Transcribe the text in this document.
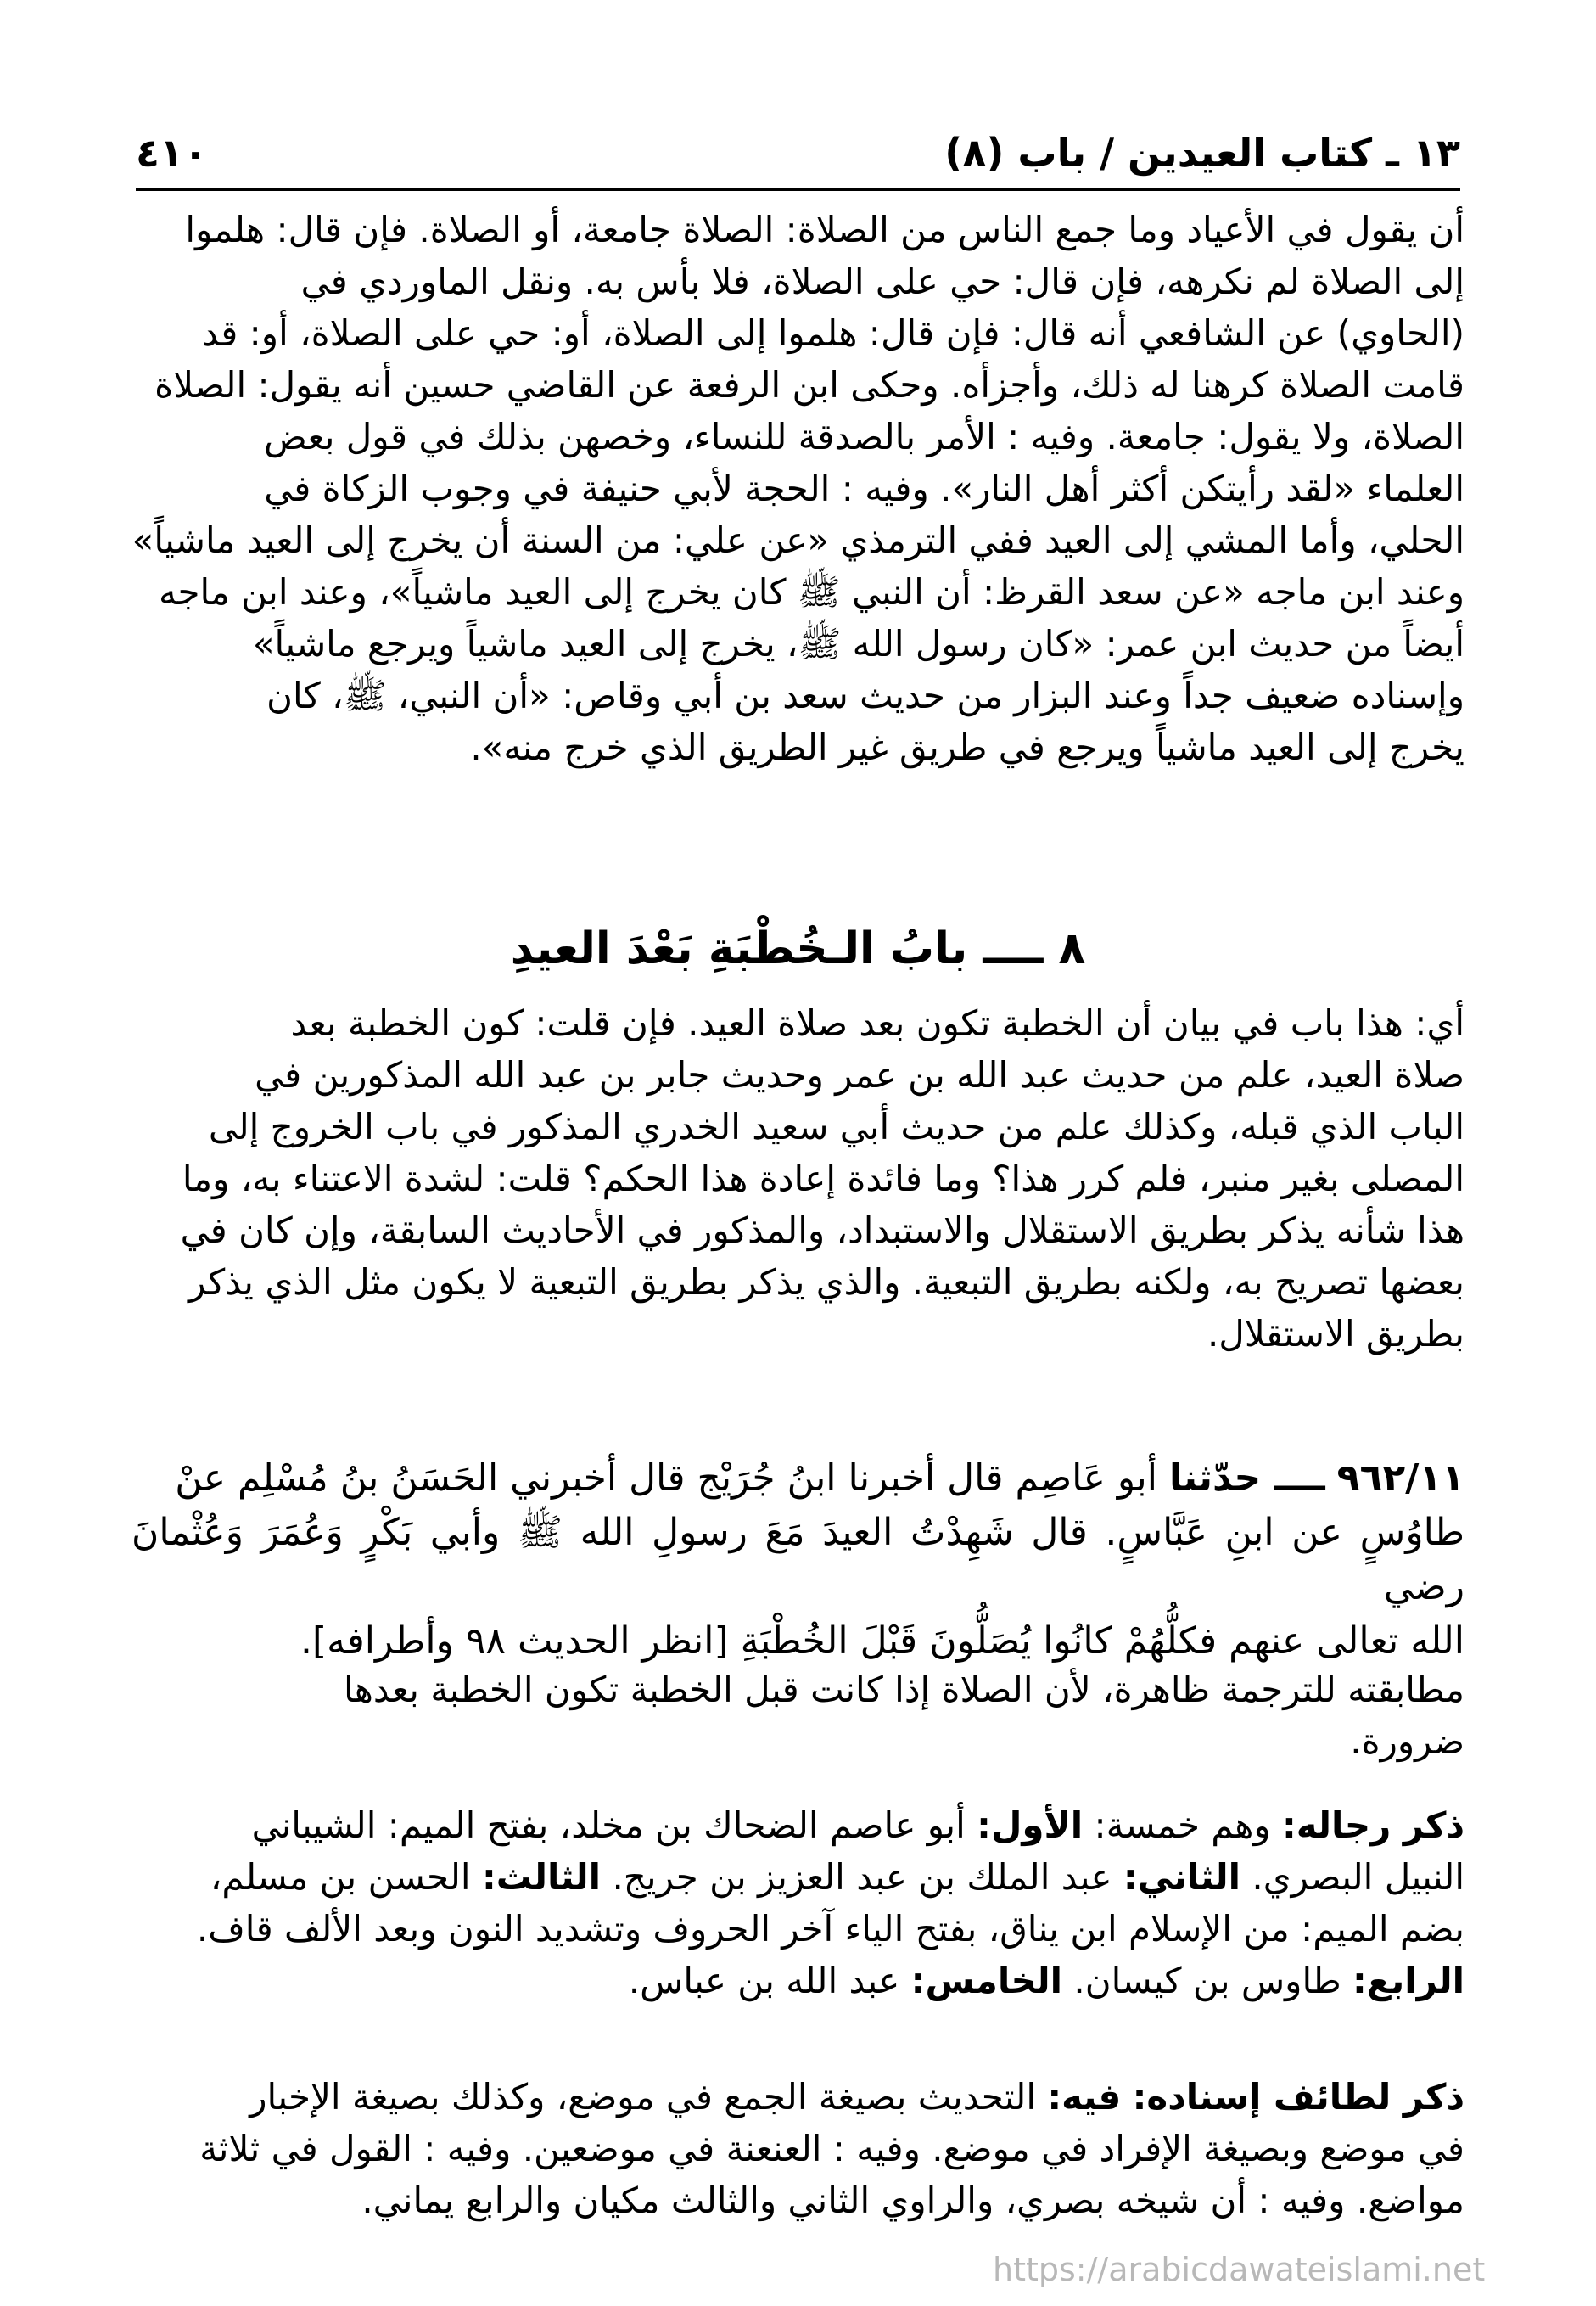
١٣ ـ كتاب العيدين / باب (٨)
٤١٠

أن يقول في الأعياد وما جمع الناس من الصلاة: الصلاة جامعة، أو الصلاة. فإن قال: هلموا

إلى الصلاة لم نكرهه، فإن قال: حي على الصلاة، فلا بأس به. ونقل الماوردي في

(الحاوي) عن الشافعي أنه قال: فإن قال: هلموا إلى الصلاة، أو: حي على الصلاة، أو: قد

قامت الصلاة كرهنا له ذلك، وأجزأه. وحكى ابن الرفعة عن القاضي حسين أنه يقول: الصلاة

الصلاة، ولا يقول: جامعة. وفيه : الأمر بالصدقة للنساء، وخصهن بذلك في قول بعض

العلماء «لقد رأيتكن أكثر أهل النار». وفيه : الحجة لأبي حنيفة في وجوب الزكاة في

الحلي، وأما المشي إلى العيد ففي الترمذي «عن علي: من السنة أن يخرج إلى العيد ماشياً»

وعند ابن ماجه «عن سعد القرظ: أن النبي ﷺ كان يخرج إلى العيد ماشياً»، وعند ابن ماجه

أيضاً من حديث ابن عمر: «كان رسول الله ﷺ، يخرج إلى العيد ماشياً ويرجع ماشياً»

وإسناده ضعيف جداً وعند البزار من حديث سعد بن أبي وقاص: «أن النبي، ﷺ، كان

يخرج إلى العيد ماشياً ويرجع في طريق غير الطريق الذي خرج منه».

٨ ــــ بابُ الـخُطْبَةِ بَعْدَ العيدِ

أي: هذا باب في بيان أن الخطبة تكون بعد صلاة العيد. فإن قلت: كون الخطبة بعد

صلاة العيد، علم من حديث عبد الله بن عمر وحديث جابر بن عبد الله المذكورين في

الباب الذي قبله، وكذلك علم من حديث أبي سعيد الخدري المذكور في باب الخروج إلى

المصلى بغير منبر، فلم كرر هذا؟ وما فائدة إعادة هذا الحكم؟ قلت: لشدة الاعتناء به، وما

هذا شأنه يذكر بطريق الاستقلال والاستبداد، والمذكور في الأحاديث السابقة، وإن كان في

بعضها تصريح به، ولكنه بطريق التبعية. والذي يذكر بطريق التبعية لا يكون مثل الذي يذكر

بطريق الاستقلال.

٩٦٢/١١ ــــ حدّثنا أبو عَاصِم قال أخبرنا ابنُ جُرَيْج قال أخبرني الحَسَنُ بنُ مُسْلِم عنْ

طاوُسٍ عن ابنِ عَبَّاسٍ. قال شَهِدْتُ العيدَ مَعَ رسولِ الله ﷺ وأبي بَكْرٍ وَعُمَرَ وَعُثْمانَ رضي

الله تعالى عنهم فكلُّهُمْ كانُوا يُصَلُّونَ قَبْلَ الخُطْبَةِ [انظر الحديث ٩٨ وأطرافه].

مطابقته للترجمة ظاهرة، لأن الصلاة إذا كانت قبل الخطبة تكون الخطبة بعدها

ضرورة.

ذكر رجاله: وهم خمسة: الأول: أبو عاصم الضحاك بن مخلد، بفتح الميم: الشيباني

النبيل البصري. الثاني: عبد الملك بن عبد العزيز بن جريج. الثالث: الحسن بن مسلم،

بضم الميم: من الإسلام ابن يناق، بفتح الياء آخر الحروف وتشديد النون وبعد الألف قاف.

الرابع: طاوس بن كيسان. الخامس: عبد الله بن عباس.

ذكر لطائف إسناده: فيه: التحديث بصيغة الجمع في موضع، وكذلك بصيغة الإخبار

في موضع وبصيغة الإفراد في موضع. وفيه : العنعنة في موضعين. وفيه : القول في ثلاثة

مواضع. وفيه : أن شيخه بصري، والراوي الثاني والثالث مكيان والرابع يماني.

https://arabicdawateislami.net
